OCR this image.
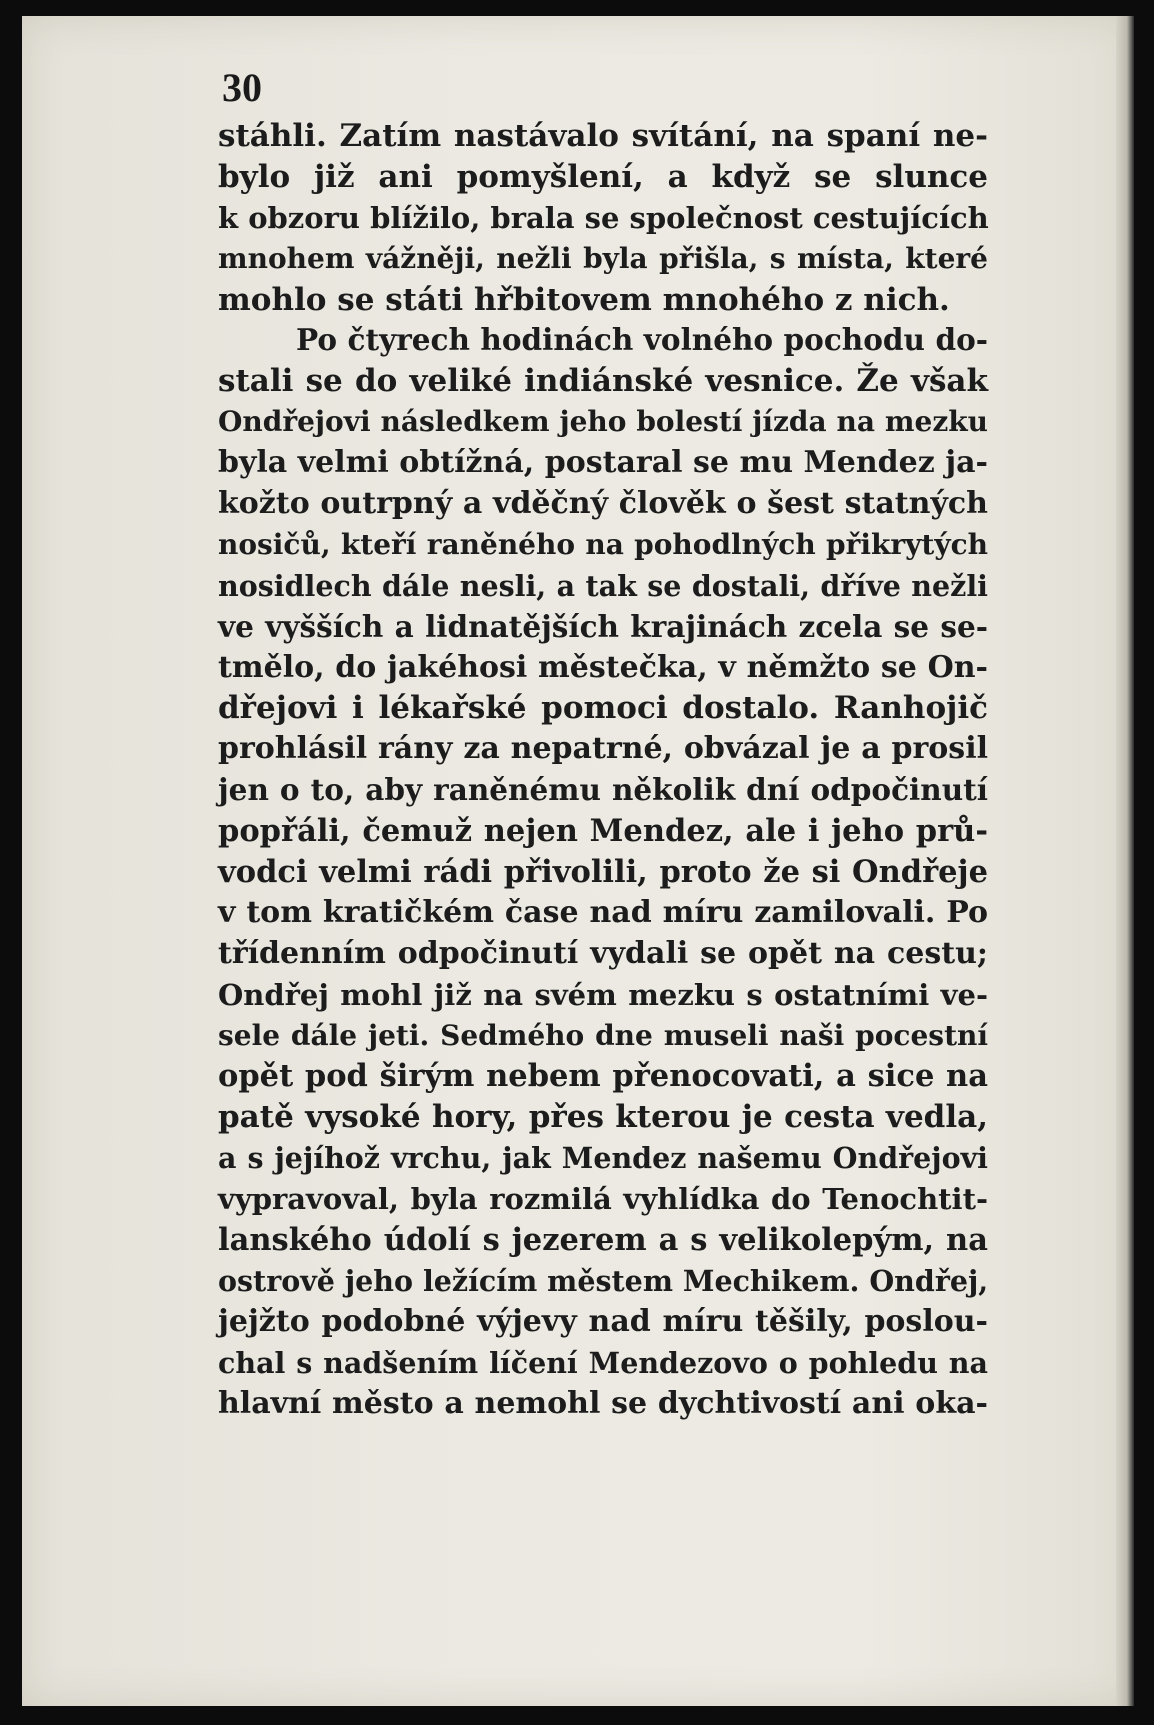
30
stáhli. Zatím nastávalo svítání, na spaní ne-
bylo již ani pomyšlení, a když se slunce
k obzoru blížilo, brala se společnost cestujících
mnohem vážněji, nežli byla přišla, s místa, které
mohlo se státi hřbitovem mnohého z nich.
Po čtyrech hodinách volného pochodu do-
stali se do veliké indiánské vesnice. Že však
Ondřejovi následkem jeho bolestí jízda na mezku
byla velmi obtížná, postaral se mu Mendez ja-
kožto outrpný a vděčný člověk o šest statných
nosičů, kteří raněného na pohodlných přikrytých
nosidlech dále nesli, a tak se dostali, dříve nežli
ve vyšších a lidnatějších krajinách zcela se se-
tmělo, do jakéhosi městečka, v němžto se On-
dřejovi i lékařské pomoci dostalo. Ranhojič
prohlásil rány za nepatrné, obvázal je a prosil
jen o to, aby raněnému několik dní odpočinutí
popřáli, čemuž nejen Mendez, ale i jeho prů-
vodci velmi rádi přivolili, proto že si Ondřeje
v tom kratičkém čase nad míru zamilovali. Po
třídenním odpočinutí vydali se opět na cestu;
Ondřej mohl již na svém mezku s ostatními ve-
sele dále jeti. Sedmého dne museli naši pocestní
opět pod širým nebem přenocovati, a sice na
patě vysoké hory, přes kterou je cesta vedla,
a s jejíhož vrchu, jak Mendez našemu Ondřejovi
vypravoval, byla rozmilá vyhlídka do Tenochtit-
lanského údolí s jezerem a s velikolepým, na
ostrově jeho ležícím městem Mechikem. Ondřej,
jejžto podobné výjevy nad míru těšily, poslou-
chal s nadšením líčení Mendezovo o pohledu na
hlavní město a nemohl se dychtivostí ani oka-
